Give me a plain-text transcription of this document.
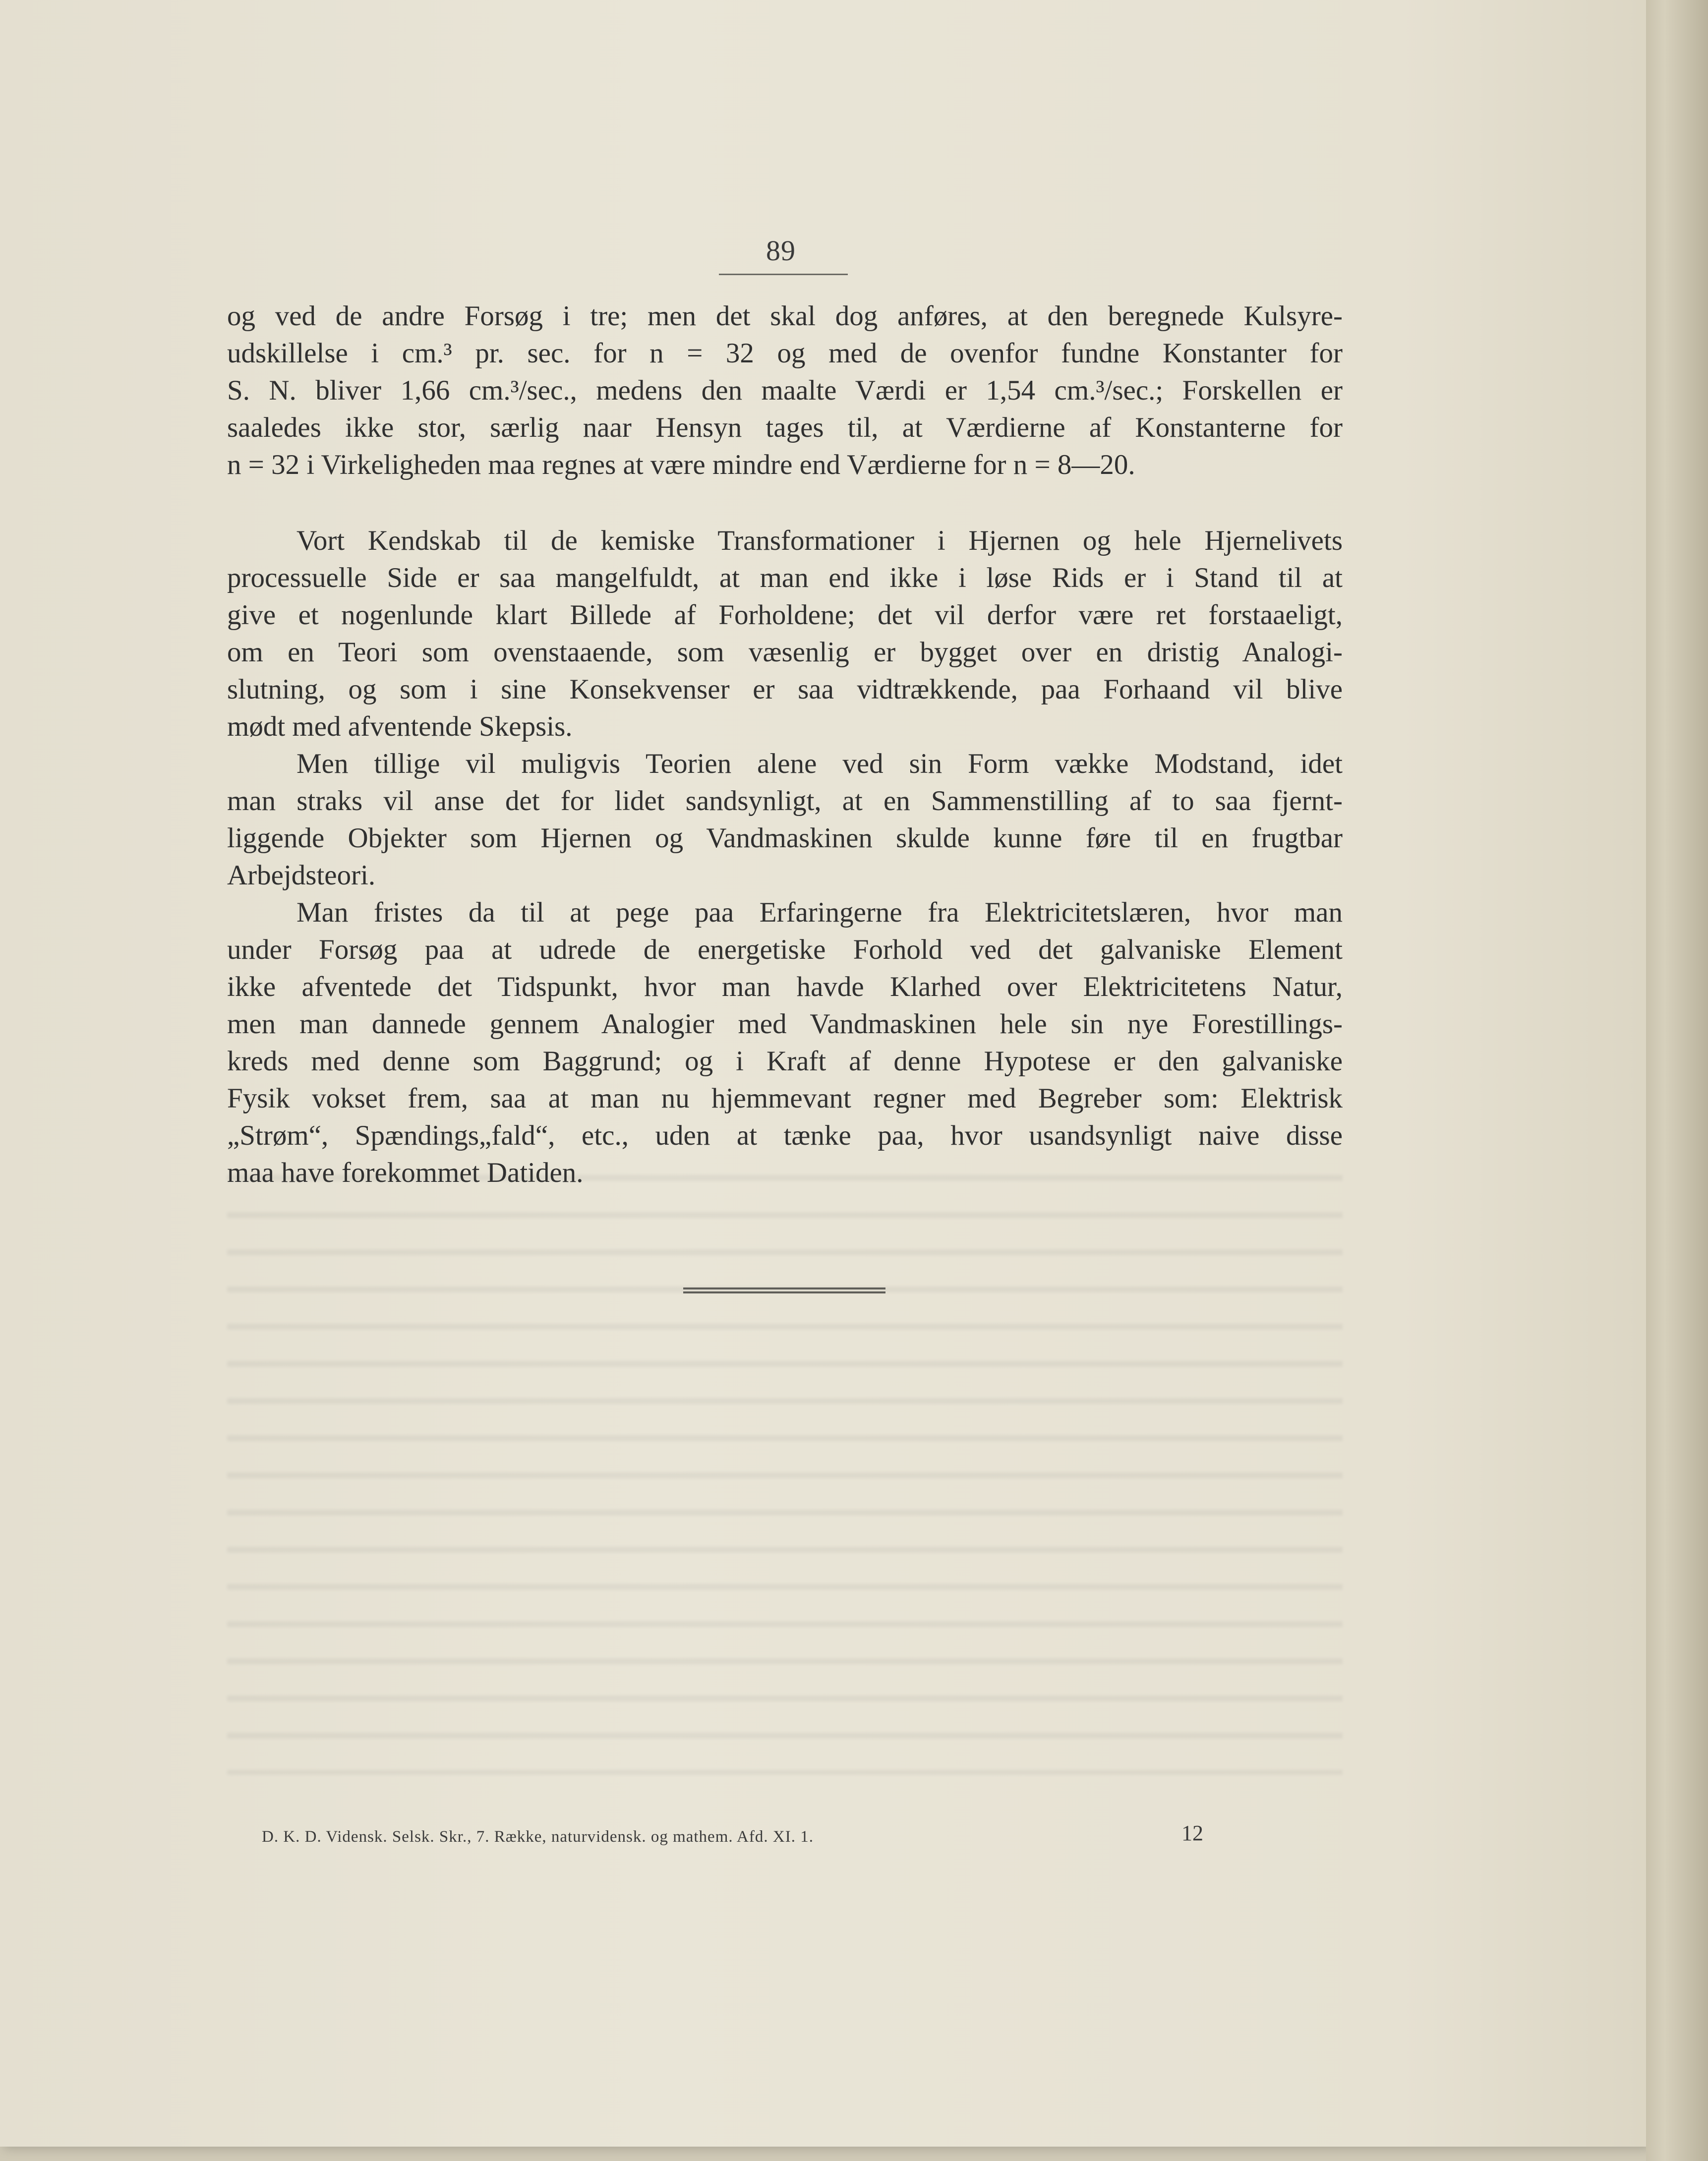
89

og ved de andre Forsøg i tre; men det skal dog anføres, at den beregnede Kulsyre-
udskillelse i cm.³ pr. sec. for n = 32 og med de ovenfor fundne Konstanter for
S. N. bliver 1,66 cm.³/sec., medens den maalte Værdi er 1,54 cm.³/sec.; Forskellen er
saaledes ikke stor, særlig naar Hensyn tages til, at Værdierne af Konstanterne for
n = 32 i Virkeligheden maa regnes at være mindre end Værdierne for n = 8—20.

Vort Kendskab til de kemiske Transformationer i Hjernen og hele Hjernelivets
processuelle Side er saa mangelfuldt, at man end ikke i løse Rids er i Stand til at
give et nogenlunde klart Billede af Forholdene; det vil derfor være ret forstaaeligt,
om en Teori som ovenstaaende, som væsenlig er bygget over en dristig Analogi-
slutning, og som i sine Konsekvenser er saa vidtrækkende, paa Forhaand vil blive
mødt med afventende Skepsis.

Men tillige vil muligvis Teorien alene ved sin Form vække Modstand, idet
man straks vil anse det for lidet sandsynligt, at en Sammenstilling af to saa fjernt-
liggende Objekter som Hjernen og Vandmaskinen skulde kunne føre til en frugtbar
Arbejdsteori.

Man fristes da til at pege paa Erfaringerne fra Elektricitetslæren, hvor man
under Forsøg paa at udrede de energetiske Forhold ved det galvaniske Element
ikke afventede det Tidspunkt, hvor man havde Klarhed over Elektricitetens Natur,
men man dannede gennem Analogier med Vandmaskinen hele sin nye Forestillings-
kreds med denne som Baggrund; og i Kraft af denne Hypotese er den galvaniske
Fysik vokset frem, saa at man nu hjemmevant regner med Begreber som: Elektrisk
„Strøm“, Spændings„fald“, etc., uden at tænke paa, hvor usandsynligt naive disse
maa have forekommet Datiden.

D. K. D. Vidensk. Selsk. Skr., 7. Række, naturvidensk. og mathem. Afd. XI. 1.	12
